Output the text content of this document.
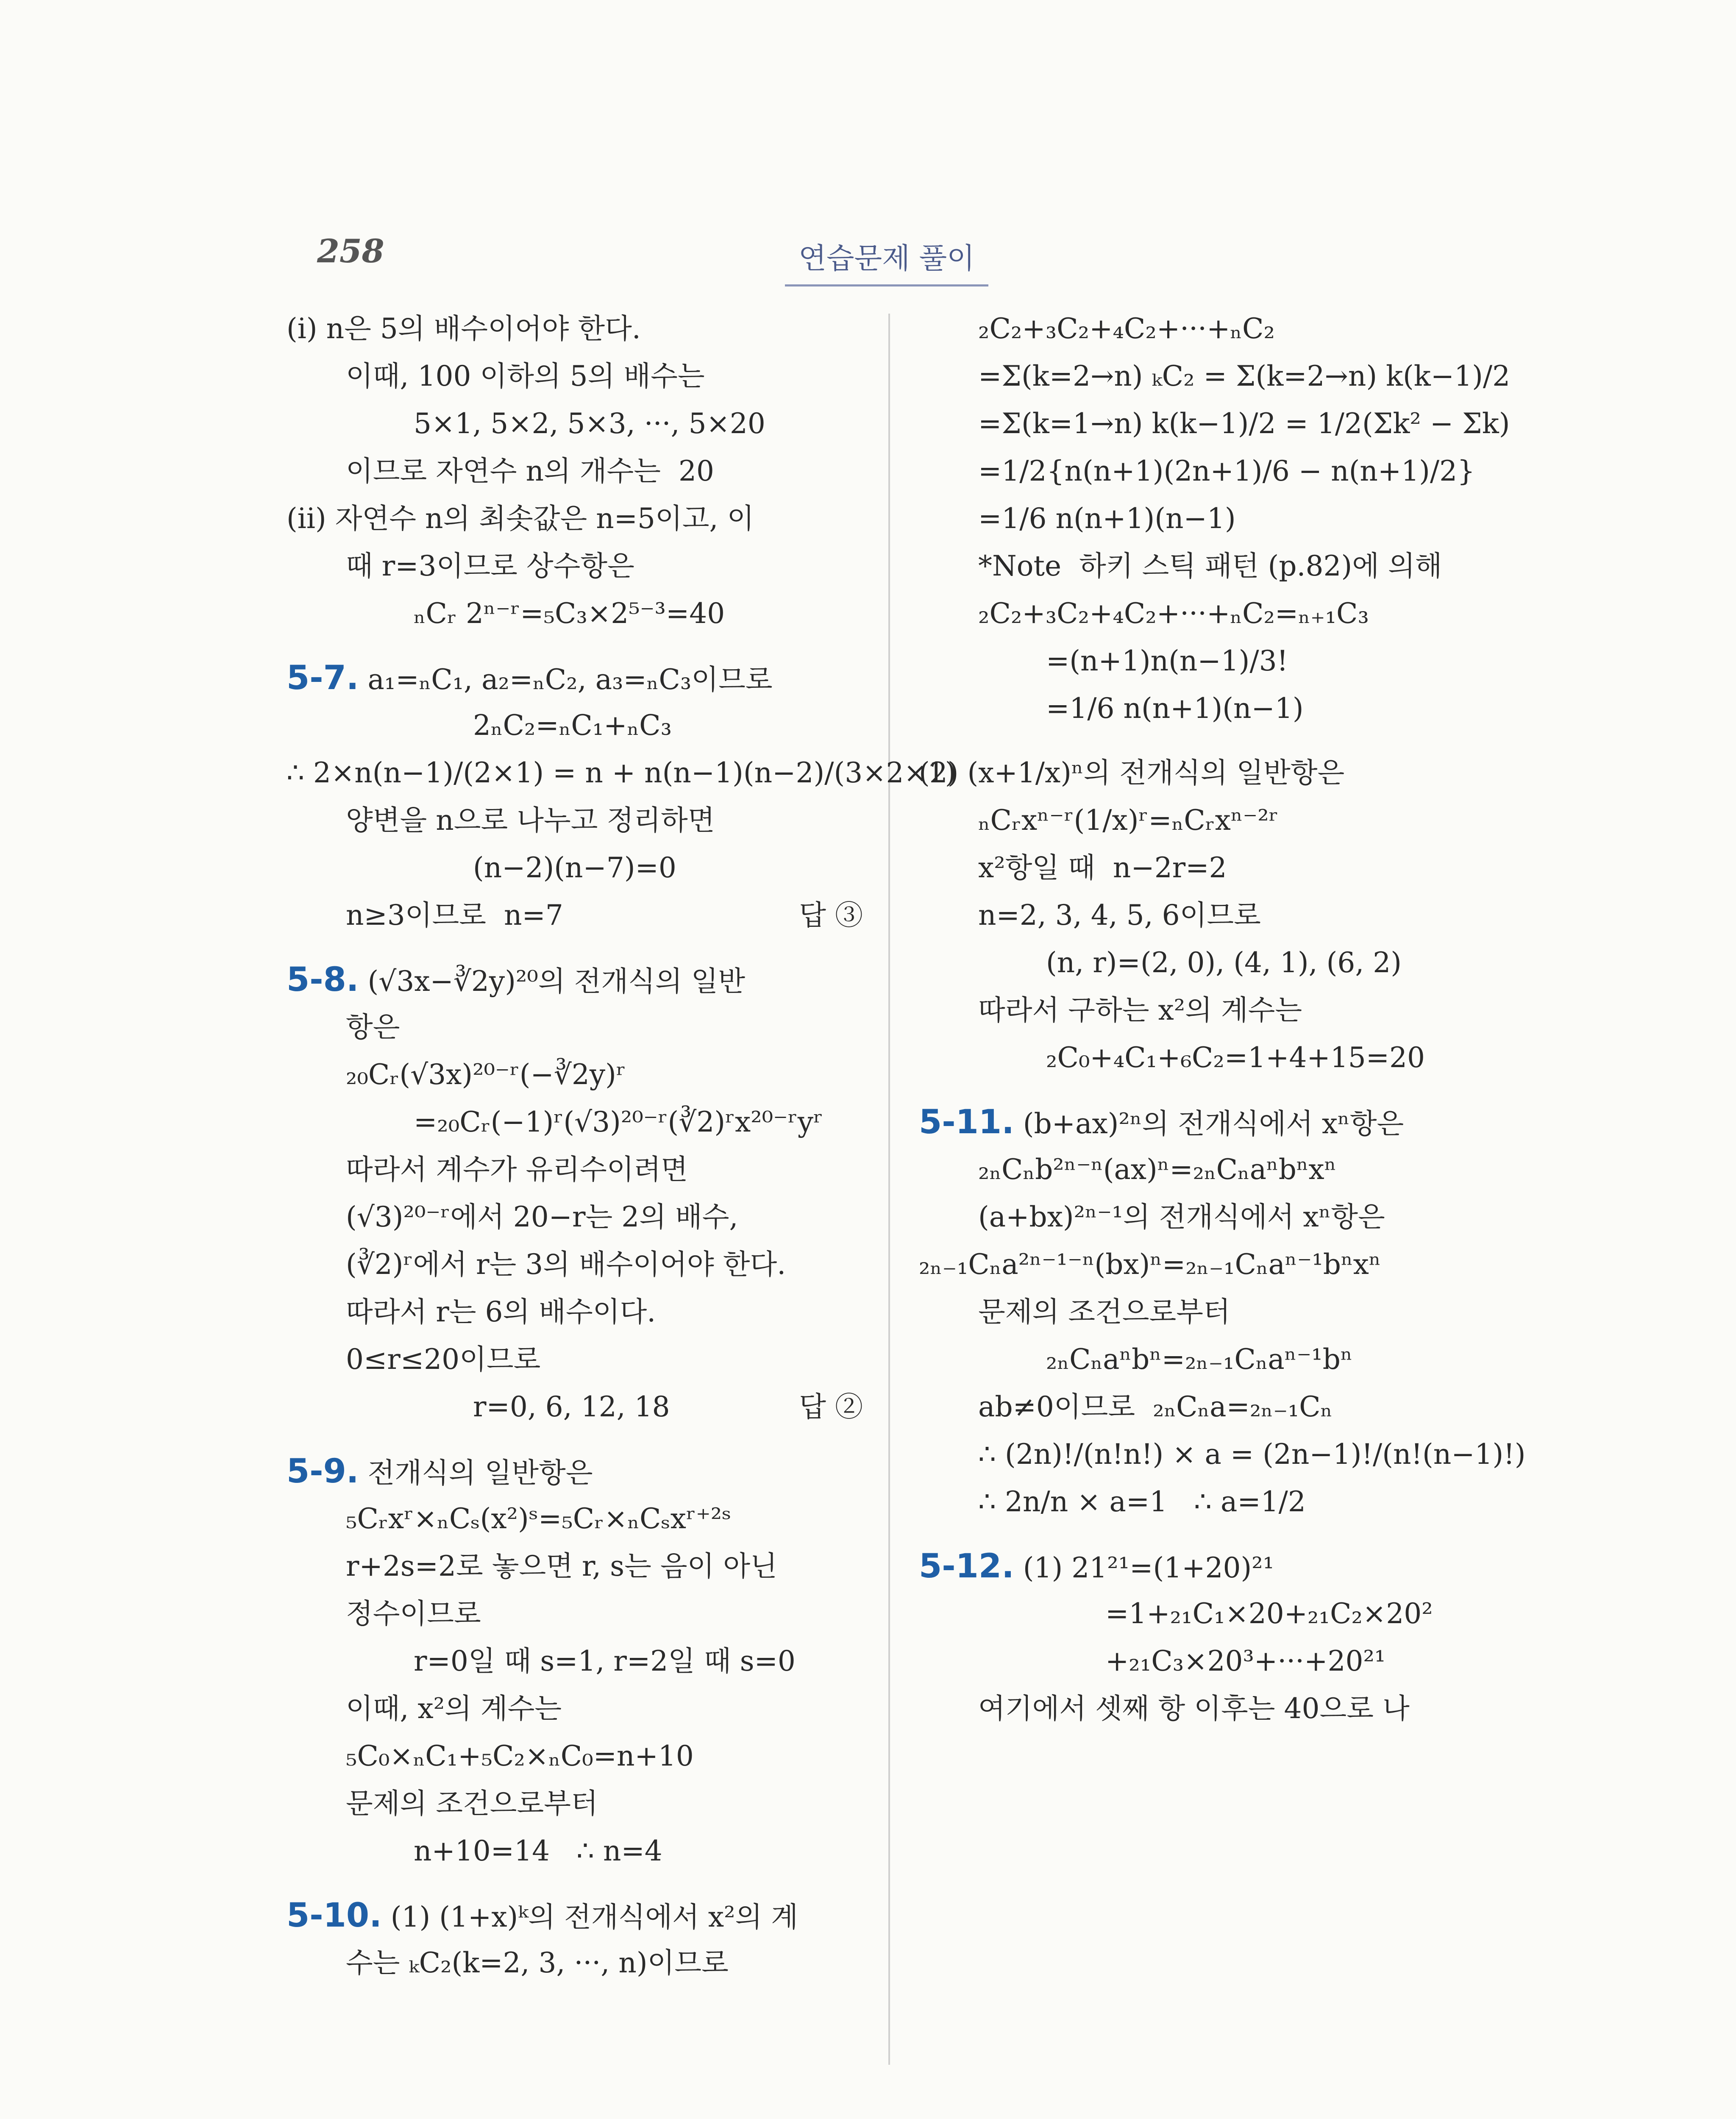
258	연습문제 풀이
(i) n은 5의 배수이어야 한다.
이때, 100 이하의 5의 배수는
5×1, 5×2, 5×3, ···, 5×20
이므로 자연수 n의 개수는  20
(ii) 자연수 n의 최솟값은 n=5이고, 이
때 r=3이므로 상수항은
ₙCᵣ 2ⁿ⁻ʳ=₅C₃×2⁵⁻³=40
5-7. a₁=ₙC₁, a₂=ₙC₂, a₃=ₙC₃이므로
2ₙC₂=ₙC₁+ₙC₃
∴ 2×n(n−1)/(2×1) = n + n(n−1)(n−2)/(3×2×1)
양변을 n으로 나누고 정리하면
(n−2)(n−7)=0
n≥3이므로  n=7	답 ③
5-8. (√3x−∛2y)²⁰의 전개식의 일반
항은
₂₀Cᵣ(√3x)²⁰⁻ʳ(−∛2y)ʳ
=₂₀Cᵣ(−1)ʳ(√3)²⁰⁻ʳ(∛2)ʳx²⁰⁻ʳyʳ
따라서 계수가 유리수이려면
(√3)²⁰⁻ʳ에서 20−r는 2의 배수,
(∛2)ʳ에서 r는 3의 배수이어야 한다.
따라서 r는 6의 배수이다.
0≤r≤20이므로
r=0, 6, 12, 18	답 ②
5-9. 전개식의 일반항은
₅Cᵣxʳ×ₙCₛ(x²)ˢ=₅Cᵣ×ₙCₛxʳ⁺²ˢ
r+2s=2로 놓으면 r, s는 음이 아닌
정수이므로
r=0일 때 s=1, r=2일 때 s=0
이때, x²의 계수는
₅C₀×ₙC₁+₅C₂×ₙC₀=n+10
문제의 조건으로부터
n+10=14   ∴ n=4
5-10. (1) (1+x)ᵏ의 전개식에서 x²의 계
수는 ₖC₂(k=2, 3, ···, n)이므로
₂C₂+₃C₂+₄C₂+···+ₙC₂
=Σ(k=2→n) ₖC₂ = Σ(k=2→n) k(k−1)/2
=Σ(k=1→n) k(k−1)/2 = 1/2(Σk² − Σk)
=1/2{n(n+1)(2n+1)/6 − n(n+1)/2}
=1/6 n(n+1)(n−1)
*Note  하키 스틱 패턴 (p.82)에 의해
₂C₂+₃C₂+₄C₂+···+ₙC₂=ₙ₊₁C₃
=(n+1)n(n−1)/3!
=1/6 n(n+1)(n−1)
(2) (x+1/x)ⁿ의 전개식의 일반항은
ₙCᵣxⁿ⁻ʳ(1/x)ʳ=ₙCᵣxⁿ⁻²ʳ
x²항일 때  n−2r=2
n=2, 3, 4, 5, 6이므로
(n, r)=(2, 0), (4, 1), (6, 2)
따라서 구하는 x²의 계수는
₂C₀+₄C₁+₆C₂=1+4+15=20
5-11. (b+ax)²ⁿ의 전개식에서 xⁿ항은
₂ₙCₙb²ⁿ⁻ⁿ(ax)ⁿ=₂ₙCₙaⁿbⁿxⁿ
(a+bx)²ⁿ⁻¹의 전개식에서 xⁿ항은
₂ₙ₋₁Cₙa²ⁿ⁻¹⁻ⁿ(bx)ⁿ=₂ₙ₋₁Cₙaⁿ⁻¹bⁿxⁿ
문제의 조건으로부터
₂ₙCₙaⁿbⁿ=₂ₙ₋₁Cₙaⁿ⁻¹bⁿ
ab≠0이므로  ₂ₙCₙa=₂ₙ₋₁Cₙ
∴ (2n)!/(n!n!) × a = (2n−1)!/(n!(n−1)!)
∴ 2n/n × a=1   ∴ a=1/2
5-12. (1) 21²¹=(1+20)²¹
=1+₂₁C₁×20+₂₁C₂×20²
+₂₁C₃×20³+···+20²¹
여기에서 셋째 항 이후는 40으로 나
